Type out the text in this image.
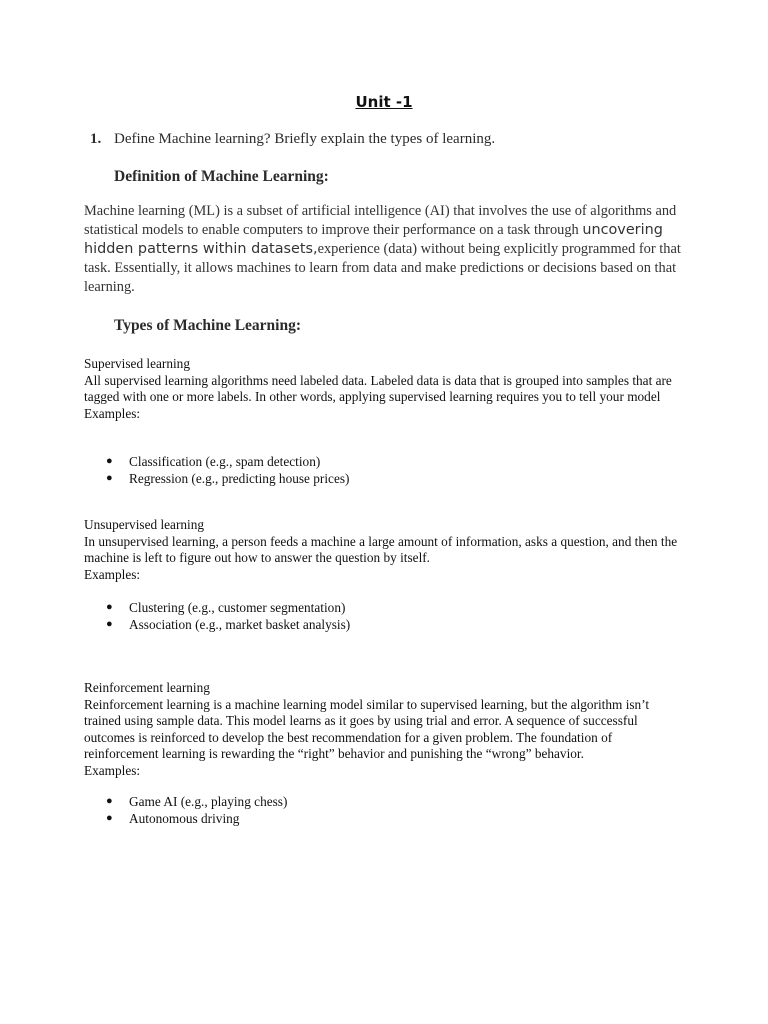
Unit -1
1. Define Machine learning? Briefly explain the types of learning.
Definition of Machine Learning:
Machine learning (ML) is a subset of artificial intelligence (AI) that involves the use of algorithms and statistical models to enable computers to improve their performance on a task through uncovering hidden patterns within datasets,experience (data) without being explicitly programmed for that task. Essentially, it allows machines to learn from data and make predictions or decisions based on that learning.
Types of Machine Learning:

Supervised learning

All supervised learning algorithms need labeled data. Labeled data is data that is grouped into samples that are tagged with one or more labels. In other words, applying supervised learning requires you to tell your model

Examples:

● Classification (e.g., spam detection)
● Regression (e.g., predicting house prices)

Unsupervised learning

In unsupervised learning, a person feeds a machine a large amount of information, asks a question, and then the machine is left to figure out how to answer the question by itself.

Examples:

● Clustering (e.g., customer segmentation)
● Association (e.g., market basket analysis)

Reinforcement learning

Reinforcement learning is a machine learning model similar to supervised learning, but the algorithm isn’t trained using sample data. This model learns as it goes by using trial and error. A sequence of successful outcomes is reinforced to develop the best recommendation for a given problem. The foundation of reinforcement learning is rewarding the “right” behavior and punishing the “wrong” behavior.

Examples:

● Game AI (e.g., playing chess)
● Autonomous driving
